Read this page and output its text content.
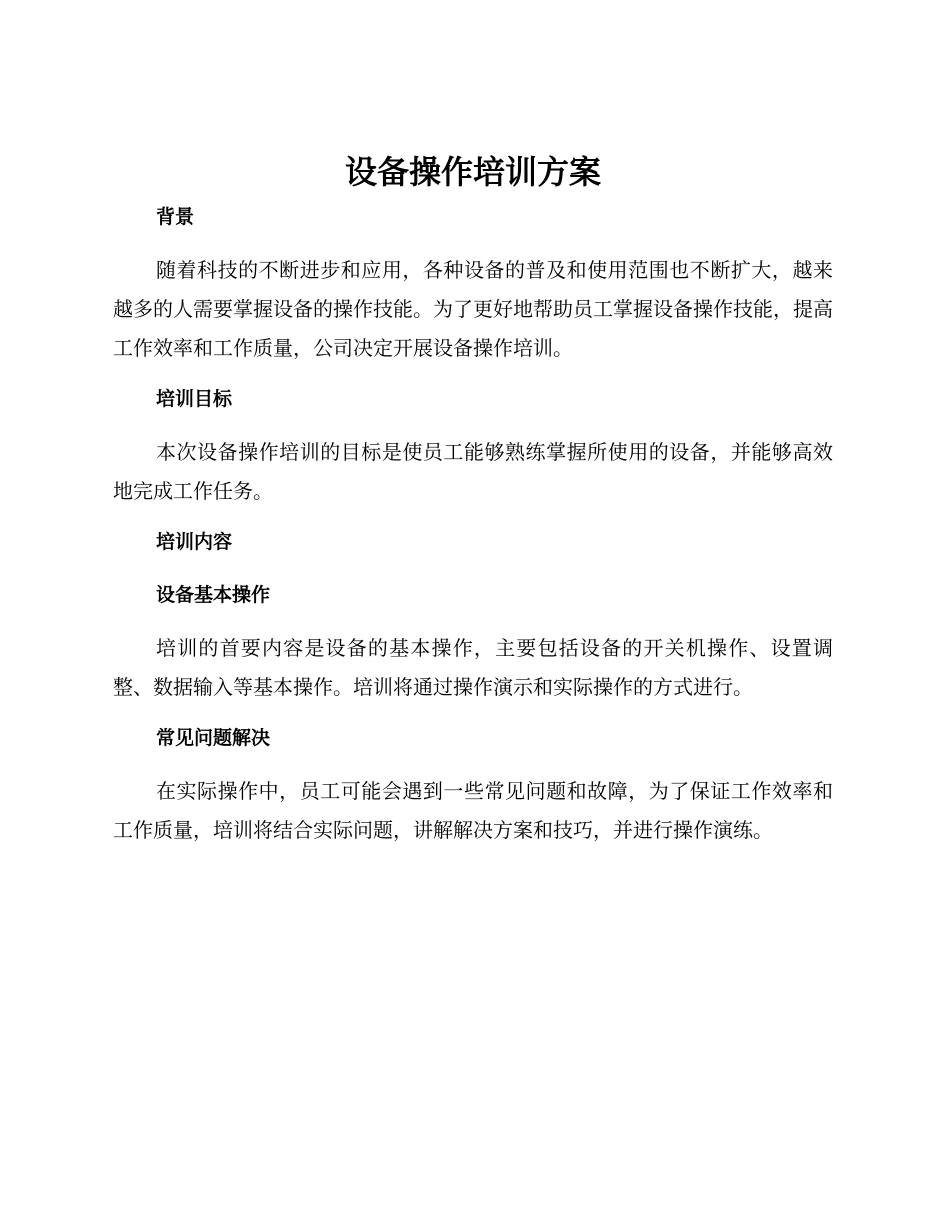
设备操作培训方案
背景

随着科技的不断进步和应用，各种设备的普及和使用范围也不断扩大，越来越多的人需要掌握设备的操作技能。为了更好地帮助员工掌握设备操作技能，提高工作效率和工作质量，公司决定开展设备操作培训。

培训目标

本次设备操作培训的目标是使员工能够熟练掌握所使用的设备，并能够高效地完成工作任务。

培训内容
设备基本操作

培训的首要内容是设备的基本操作，主要包括设备的开关机操作、设置调整、数据输入等基本操作。培训将通过操作演示和实际操作的方式进行。

常见问题解决

在实际操作中，员工可能会遇到一些常见问题和故障，为了保证工作效率和工作质量，培训将结合实际问题，讲解解决方案和技巧，并进行操作演练。
